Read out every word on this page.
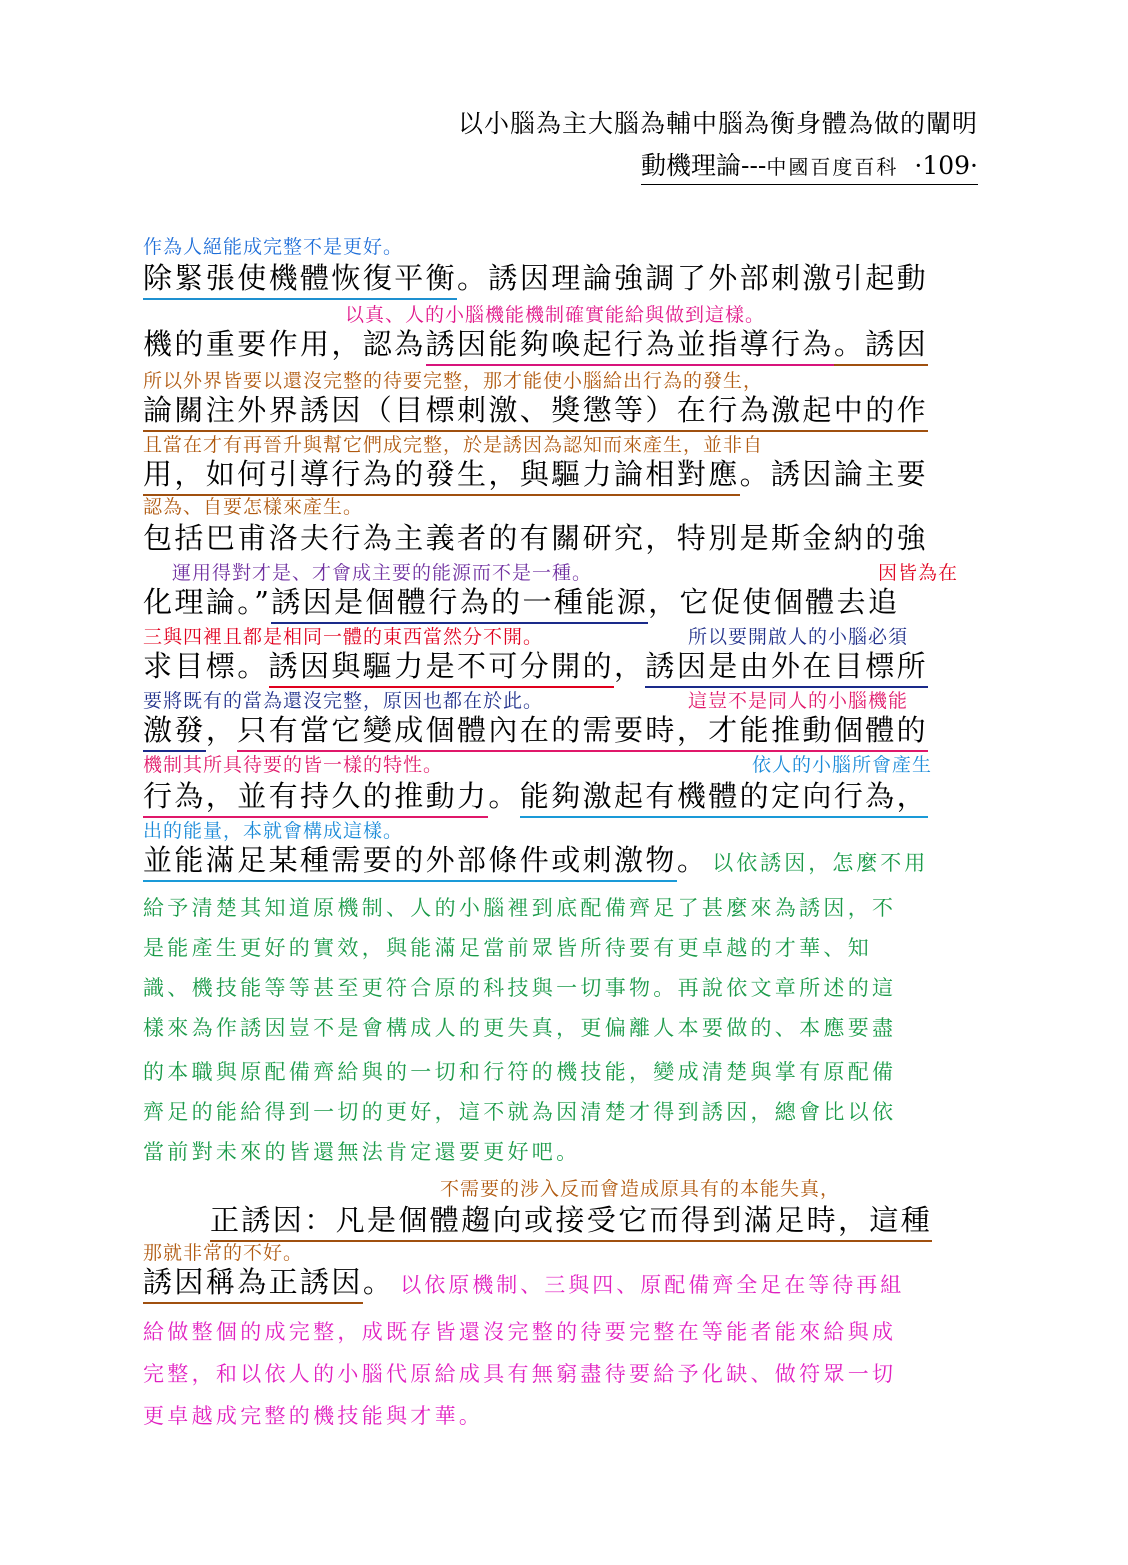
以小腦為主大腦為輔中腦為衡身體為做的闡明
動機理論---中國百度百科 ·109·
作為人絕能成完整不是更好。
除緊張使機體恢復平衡。誘因理論強調了外部刺激引起動
以真、人的小腦機能機制確實能給與做到這樣。
機的重要作用，認為誘因能夠喚起行為並指導行為。誘因
所以外界皆要以還沒完整的待要完整，那才能使小腦給出行為的發生，
論關注外界誘因（目標刺激、獎懲等）在行為激起中的作
且當在才有再晉升與幫它們成完整，於是誘因為認知而來產生，並非自
用，如何引導行為的發生，與驅力論相對應。誘因論主要
認為、自要怎樣來產生。
包括巴甫洛夫行為主義者的有關研究，特別是斯金納的強
運用得對才是、才會成主要的能源而不是一種。	因皆為在
化理論。”誘因是個體行為的一種能源，它促使個體去追
三與四裡且都是相同一體的東西當然分不開。	所以要開啟人的小腦必須
求目標。誘因與驅力是不可分開的，誘因是由外在目標所
要將既有的當為還沒完整，原因也都在於此。	這豈不是同人的小腦機能
激發，只有當它變成個體內在的需要時，才能推動個體的
機制其所具待要的皆一樣的特性。	依人的小腦所會產生
行為，並有持久的推動力。能夠激起有機體的定向行為，
出的能量，本就會構成這樣。
並能滿足某種需要的外部條件或刺激物。 以依誘因，怎麼不用
給予清楚其知道原機制、人的小腦裡到底配備齊足了甚麼來為誘因，不
是能產生更好的實效，與能滿足當前眾皆所待要有更卓越的才華、知
識、機技能等等甚至更符合原的科技與一切事物。再說依文章所述的這
樣來為作誘因豈不是會構成人的更失真，更偏離人本要做的、本應要盡
的本職與原配備齊給與的一切和行符的機技能，變成清楚與掌有原配備
齊足的能給得到一切的更好，這不就為因清楚才得到誘因，總會比以依
當前對未來的皆還無法肯定還要更好吧。
不需要的涉入反而會造成原具有的本能失真，
正誘因：凡是個體趨向或接受它而得到滿足時，這種
那就非常的不好。
誘因稱為正誘因。 以依原機制、三與四、原配備齊全足在等待再組
給做整個的成完整，成既存皆還沒完整的待要完整在等能者能來給與成
完整，和以依人的小腦代原給成具有無窮盡待要給予化缺、做符眾一切
更卓越成完整的機技能與才華。
